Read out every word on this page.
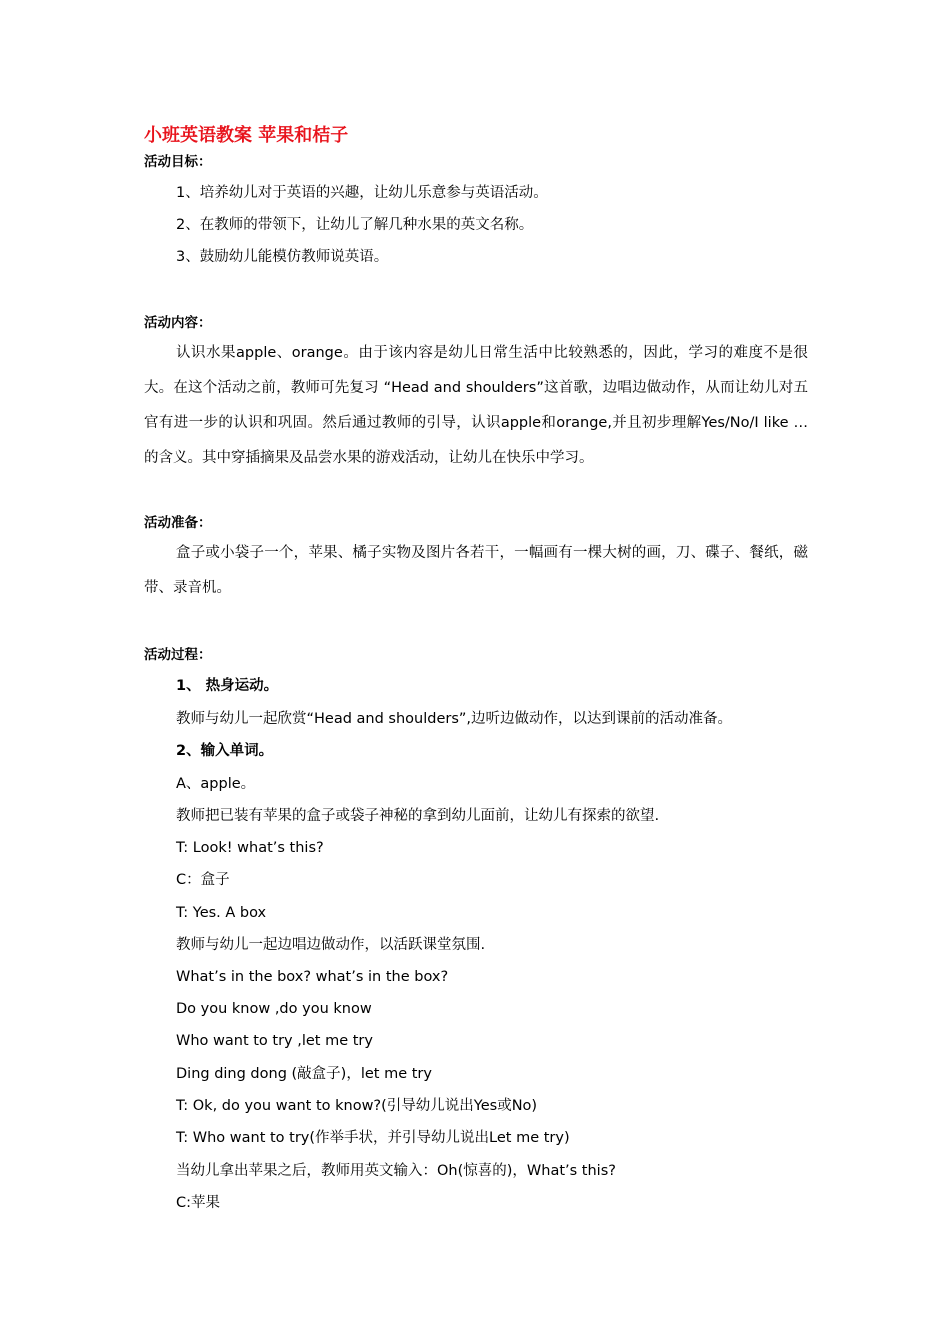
小班英语教案 苹果和桔子
活动目标：
1、培养幼儿对于英语的兴趣，让幼儿乐意参与英语活动。
2、在教师的带领下，让幼儿了解几种水果的英文名称。
3、鼓励幼儿能模仿教师说英语。
活动内容：

认识水果apple、orange。由于该内容是幼儿日常生活中比较熟悉的，因此，学习的难度不是很大。在这个活动之前，教师可先复习 “Head and shoulders”这首歌，边唱边做动作，从而让幼儿对五官有进一步的认识和巩固。然后通过教师的引导，认识apple和orange,并且初步理解Yes/No/I like …的含义。其中穿插摘果及品尝水果的游戏活动，让幼儿在快乐中学习。

活动准备：

盒子或小袋子一个，苹果、橘子实物及图片各若干，一幅画有一棵大树的画，刀、碟子、餐纸，磁带、录音机。

活动过程：
1、 热身运动。
教师与幼儿一起欣赏“Head and shoulders”,边听边做动作，以达到课前的活动准备。
2、输入单词。
A、apple。
教师把已装有苹果的盒子或袋子神秘的拿到幼儿面前，让幼儿有探索的欲望.
T: Look! what’s this?
C：盒子
T: Yes. A box
教师与幼儿一起边唱边做动作，以活跃课堂氛围.
What’s in the box? what’s in the box?
Do you know ,do you know
Who want to try ,let me try
Ding ding dong (敲盒子)，let me try
T: Ok, do you want to know?(引导幼儿说出Yes或No)
T: Who want to try(作举手状，并引导幼儿说出Let me try)
当幼儿拿出苹果之后，教师用英文输入：Oh(惊喜的)，What’s this?
C:苹果
